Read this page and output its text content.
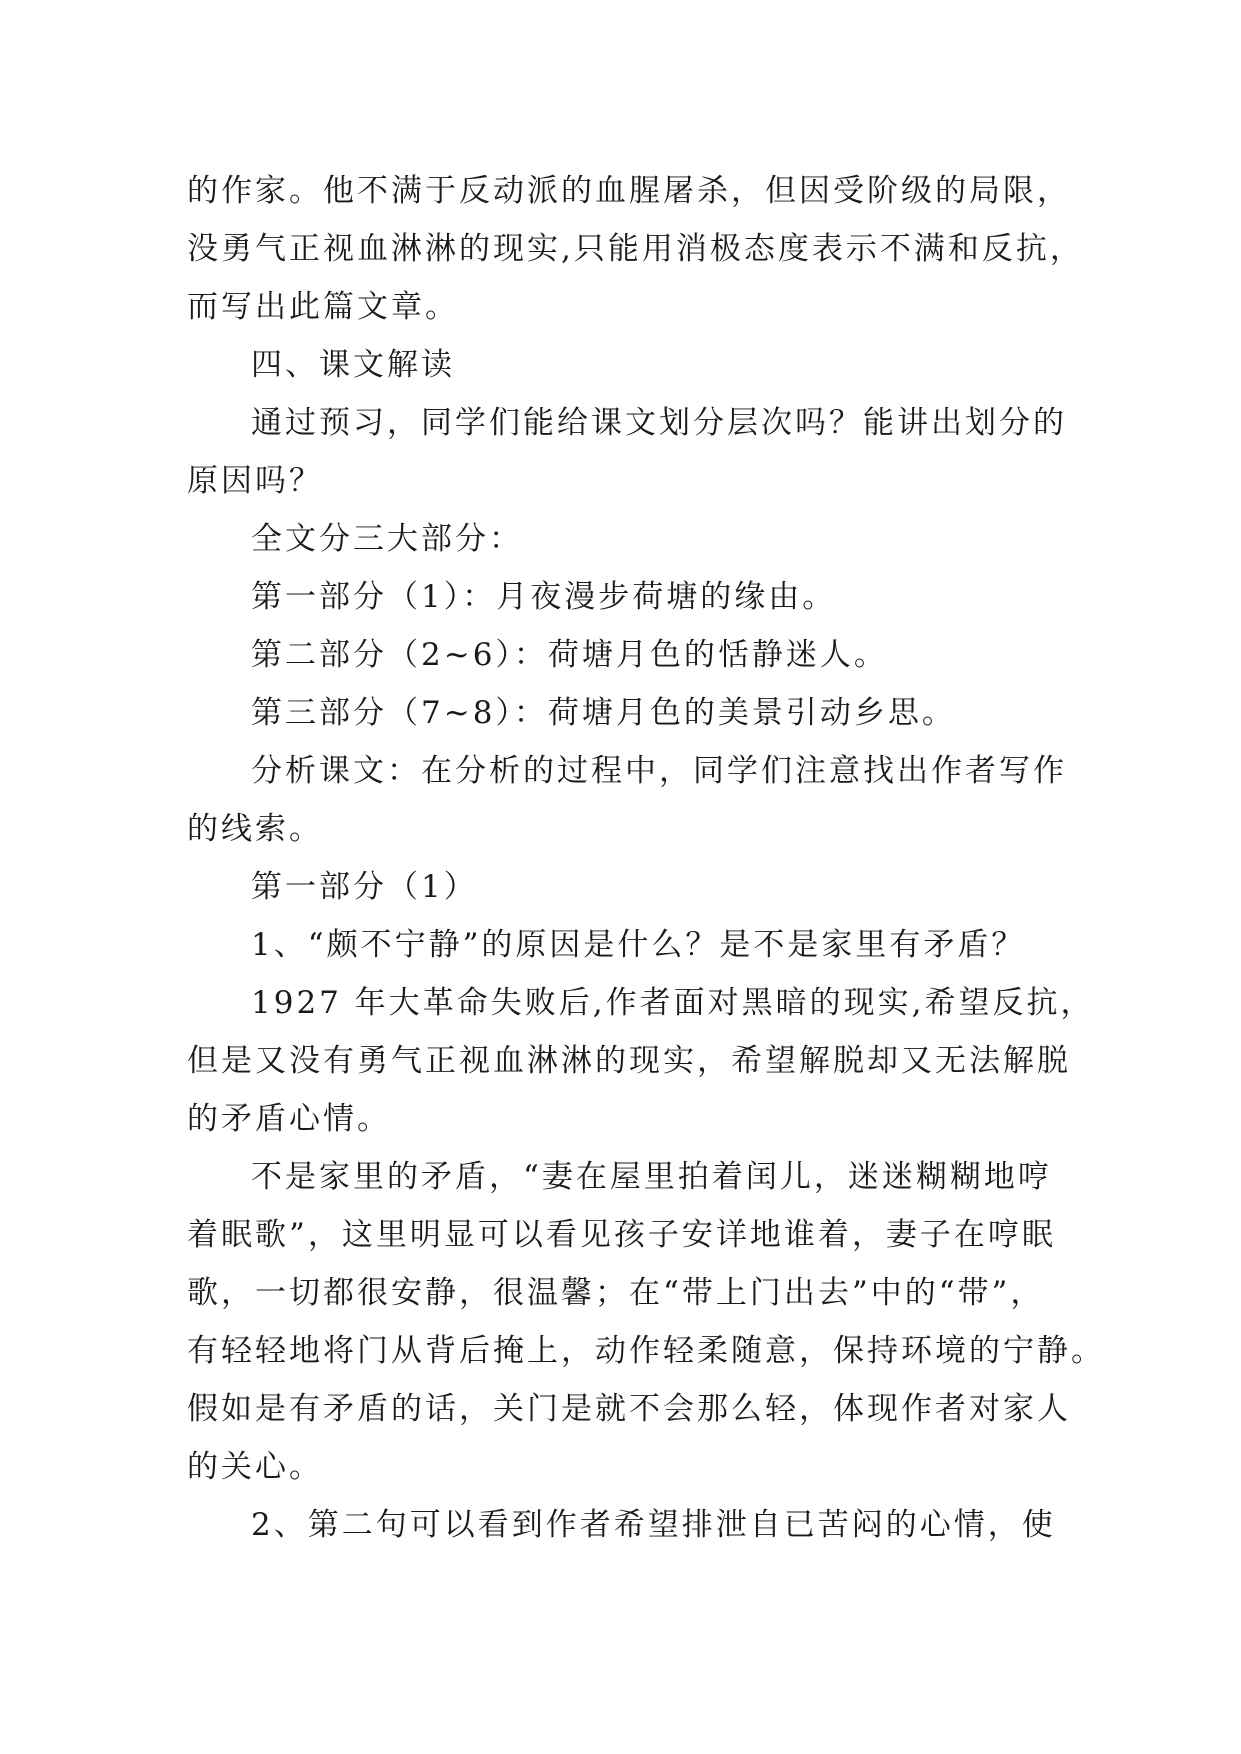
的作家。他不满于反动派的血腥屠杀，但因受阶级的局限，
没勇气正视血淋淋的现实,只能用消极态度表示不满和反抗，
而写出此篇文章。
四、课文解读
通过预习，同学们能给课文划分层次吗？能讲出划分的
原因吗？
全文分三大部分：
第一部分（1）：月夜漫步荷塘的缘由。
第二部分（2~6）：荷塘月色的恬静迷人。
第三部分（7~8）：荷塘月色的美景引动乡思。
分析课文：在分析的过程中，同学们注意找出作者写作
的线索。
第一部分（1）
1、“颇不宁静”的原因是什么？是不是家里有矛盾？
1927 年大革命失败后,作者面对黑暗的现实,希望反抗，
但是又没有勇气正视血淋淋的现实，希望解脱却又无法解脱
的矛盾心情。
不是家里的矛盾，“妻在屋里拍着闰儿，迷迷糊糊地哼
着眠歌”，这里明显可以看见孩子安详地谁着，妻子在哼眠
歌，一切都很安静，很温馨；在“带上门出去”中的“带”，
有轻轻地将门从背后掩上，动作轻柔随意，保持环境的宁静。
假如是有矛盾的话，关门是就不会那么轻，体现作者对家人
的关心。
2、第二句可以看到作者希望排泄自已苦闷的心情，使
